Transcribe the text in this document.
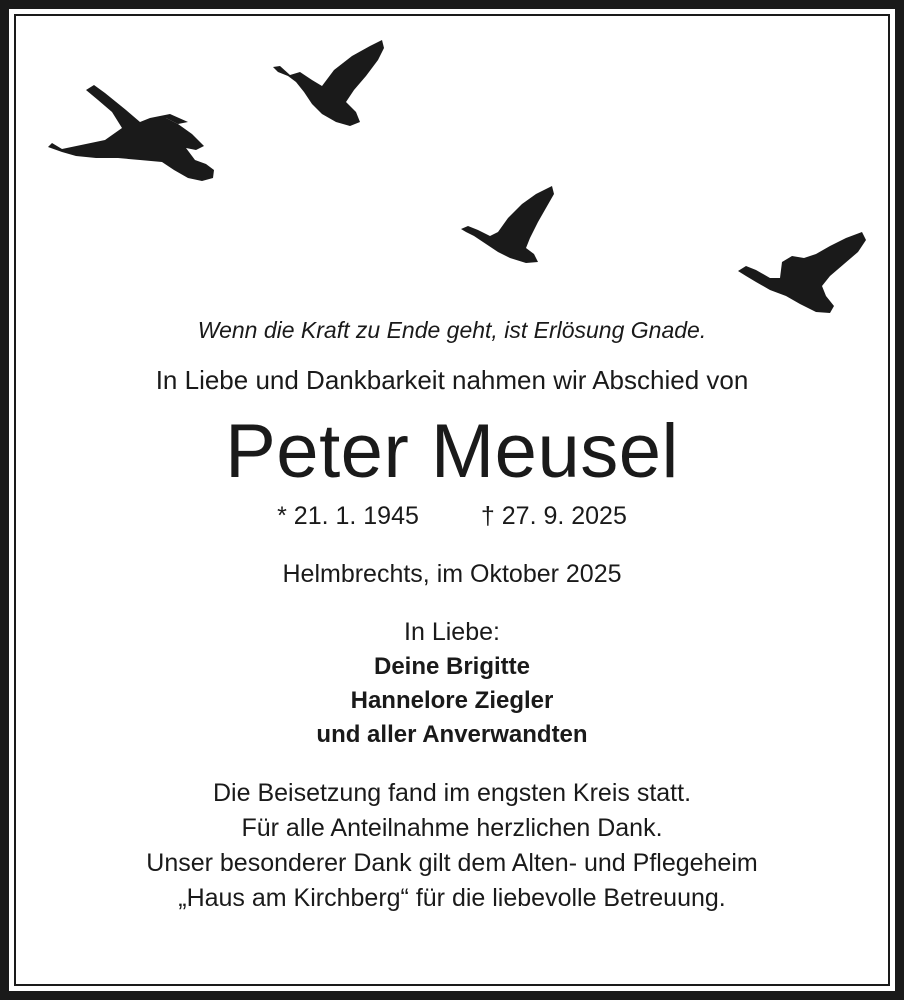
Wenn die Kraft zu Ende geht, ist Erlösung Gnade.

In Liebe und Dankbarkeit nahmen wir Abschied von

Peter Meusel
* 21. 1. 1945 † 27. 9. 2025

Helmbrechts, im Oktober 2025

In Liebe:

Deine Brigitte
Hannelore Ziegler
und aller Anverwandten
Die Beisetzung fand im engsten Kreis statt.
Für alle Anteilnahme herzlichen Dank.
Unser besonderer Dank gilt dem Alten- und Pflegeheim
„Haus am Kirchberg“ für die liebevolle Betreuung.
